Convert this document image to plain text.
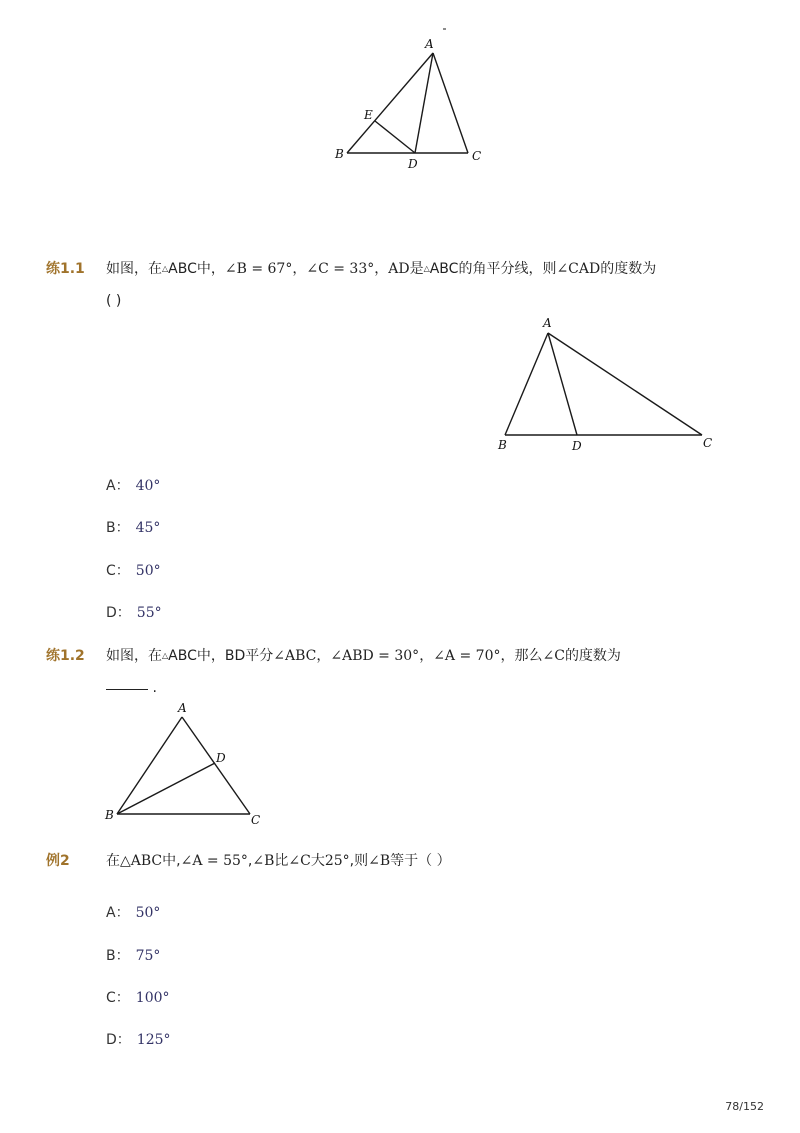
A
B	C
D
E
练1.1 如图，在△ABC中，∠B = 67°，∠C = 33°，AD是△ABC的角平分线，则∠CAD的度数为
( )
A
B	C
D
A： 40°
B： 45°
C： 50°
D： 55°
练1.2 如图，在△ABC中，BD平分∠ABC，∠ABD = 30°，∠A = 70°，那么∠C的度数为
.
A
B	C
D
例2	在△ABC中,∠A = 55°,∠B比∠C大25°,则∠B等于（ ）
A： 50°
B： 75°
C： 100°
D： 125°
78/152
